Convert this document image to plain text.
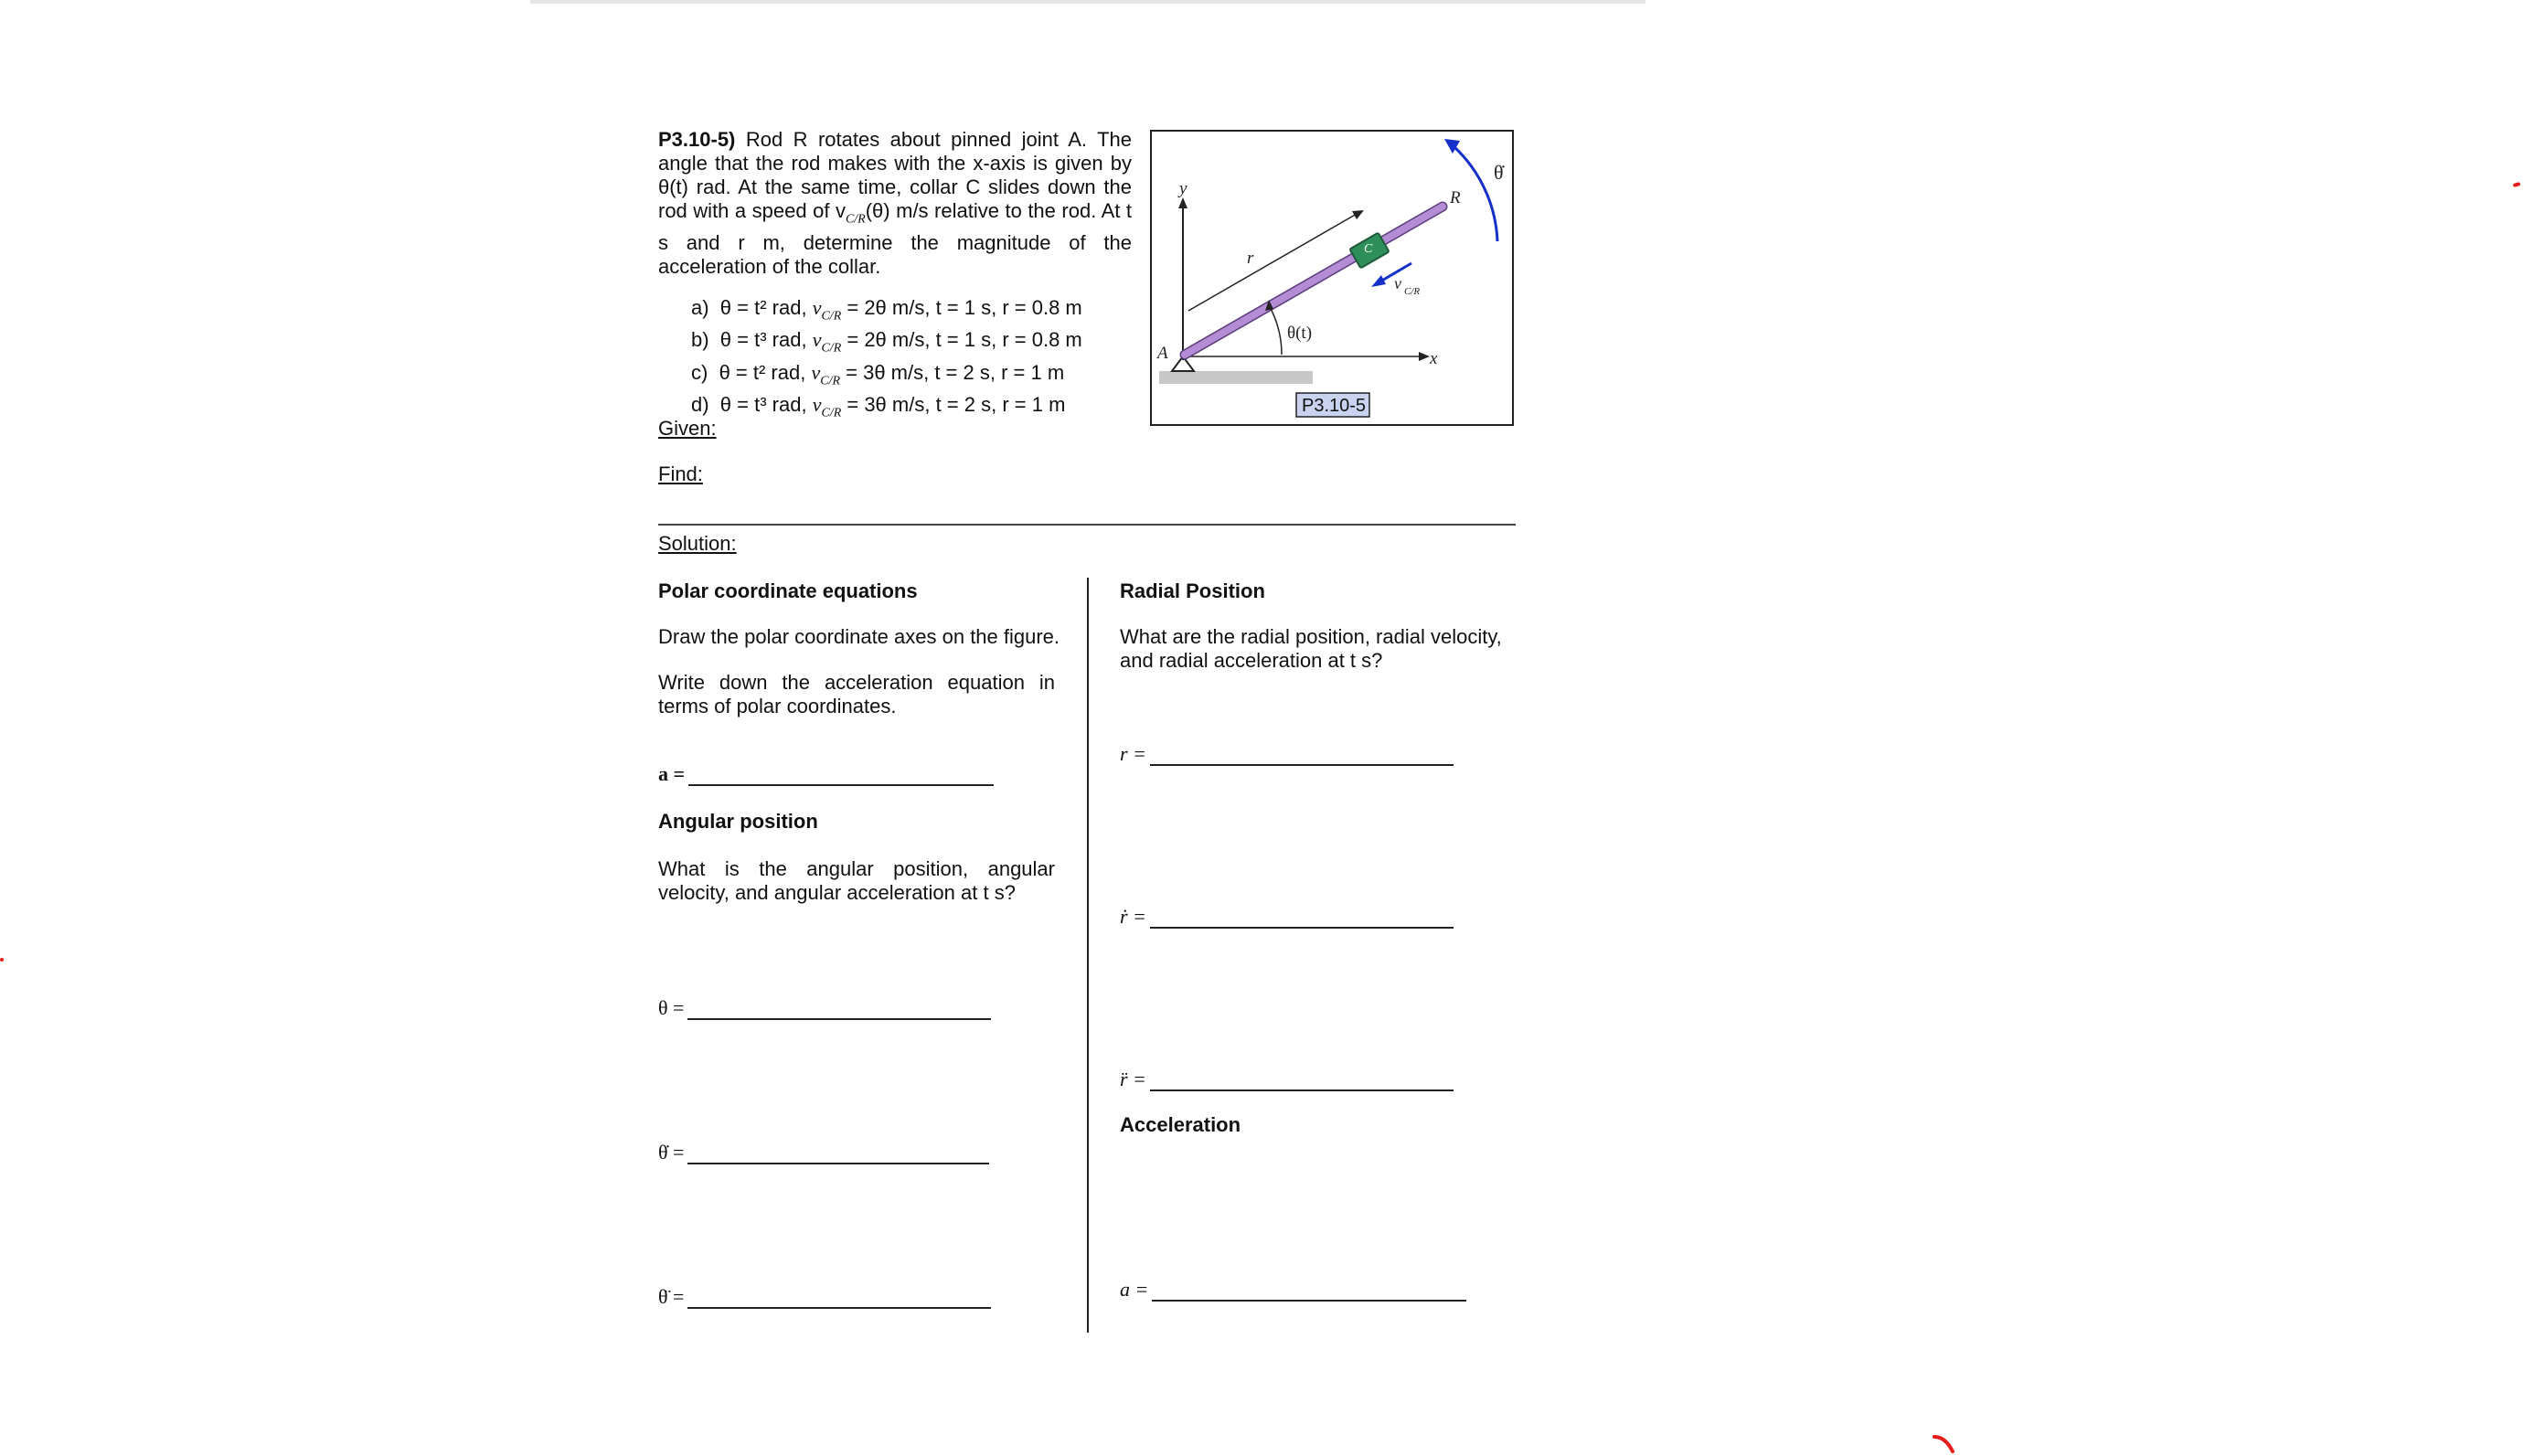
P3.10-5) Rod R rotates about pinned joint A. The angle that the rod makes with the x-axis is given by θ(t) rad. At the same time, collar C slides down the rod with a speed of $v_{C/R}(\theta)$ m/s relative to the rod. At t s and r m, determine the magnitude of the acceleration of the collar.
a) θ = t² rad, $v_{C/R} = 2\theta$ m/s, t = 1 s, r = 0.8 m
b) θ = t³ rad, $v_{C/R} = 2\theta$ m/s, t = 1 s, r = 0.8 m
c) θ = t² rad, $v_{C/R} = 3\theta$ m/s, t = 2 s, r = 1 m
d) θ = t³ rad, $v_{C/R} = 3\theta$ m/s, t = 2 s, r = 1 m
C
v C/R
θ(t)
θ̇
y
x
r
R
A
P3.10-5
Given:
Find:
Solution:
Polar coordinate equations
Draw the polar coordinate axes on the figure.
Write down the acceleration equation in terms of polar coordinates.
a =
Angular position
What is the angular position, angular velocity, and angular acceleration at t s?
θ =
θ̇ =
θ̈ =
Radial Position
What are the radial position, radial velocity, and radial acceleration at t s?
r =
ṙ =
r̈ =
Acceleration
a =
